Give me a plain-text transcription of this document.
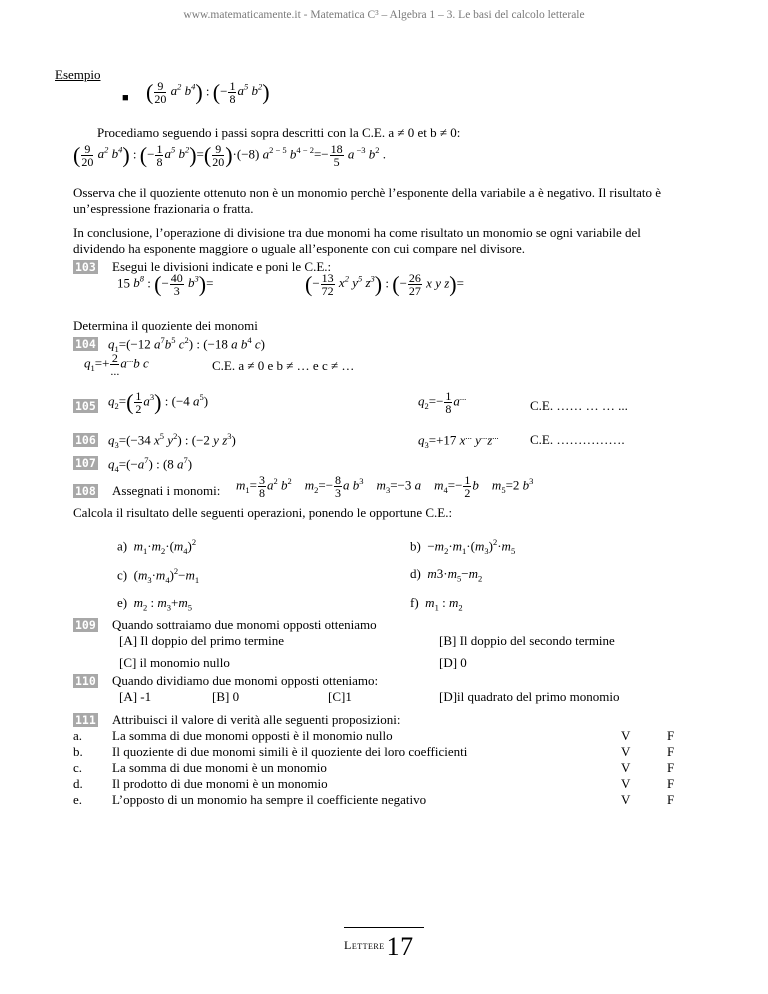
www.matematicamente.it - Matematica C³ – Algebra 1 – 3. Le basi del calcolo letterale
Esempio
■ ( $\frac{9}{20} a^2$ $b^4$) : (− $\frac{1}{8} a^5$ $b^2$)
Procediamo seguendo i passi sopra descritti con la C.E. a ≠ 0 et b ≠ 0:
( $\frac{9}{20} a^2$ $b^4$) : (− $\frac{1}{8} a^5$ $b^2)=( \frac{9}{20} )\cdot(-8)$ $a^{2 - 5}$ $b^{4 - 2}=- \frac{18}{5}$ a $^{-3}$ $b^2$ .
Osserva che il quoziente ottenuto non è un monomio perchè l’esponente della variabile a è negativo. Il risultato è un’espressione frazionaria o fratta.
In conclusione, l’operazione di divisione tra due monomi ha come risultato un monomio se ogni variabile del dividendo ha esponente maggiore o uguale all’esponente con cui compare nel divisore.
103 Esegui le divisioni indicate e poni le C.E.:
15 $b^8$ : (− $\frac{40}{3} b^3)=$	(− $\frac{13}{72} x^2$ $y^5$ $z^3$) : (− $\frac{26}{27}$ x y z)=
Determina il quoziente dei monomi
104 $q_1=(-12$ $a^7b^5$ $c^2$) : (−18 a $b^4$ c)
$q_1=+ \frac{2}{...} a^{...}b$ c	C.E. a ≠ 0 e b ≠ … e c ≠ …
105 $q_2=( \frac{1}{2} a^3)$ : (−4 $a^5$)	$q_2=- \frac{1}{8} a^{...}$
C.E. …… … … ...
106 $q_3=(-34$ $x^5$ $y^2$) : (−2 y $z^3$)	$q_3=+17$ x... y...z... C.E. …………….
107 $q_4=(-a^7)$ : (8 $a^7$)
108 Assegnati i monomi: $m_1= \frac{3}{8} a^2$ $b^2$ $m_2=- \frac{8}{3}$ a $b^3$ $m_3=-3$ a $m_4=- \frac{1}{2}$ b $m_5=2$ $b^3$
Calcola il risultato delle seguenti operazioni, ponendo le opportune C.E.:
a)  $m_1\cdot m_2\cdot(m_4)^2$	$b) -m_2\cdot m_1\cdot(m_3)^2\cdot m_5$
c)  $(m_3\cdot m_4)^2-m_1$	d)  $m3\cdot m_5-m_2$
e)  $m_2$ : $m_3+m_5$	f)  $m_1$ : $m_2$
109 Quando sottraiamo due monomi opposti otteniamo
[A] Il doppio del primo termine	[B] Il doppio del secondo termine
[C] il monomio nullo	[D] 0
110 Quando dividiamo due monomi opposti otteniamo:
[A] -1	[B] 0	[C]1	[D]il quadrato del primo monomio
111 Attribuisci il valore di verità alle seguenti proposizioni:
a. La somma di due monomi opposti è il monomio nullo	V	F
b. Il quoziente di due monomi simili è il quoziente dei loro coefficienti	V	F
c. La somma di due monomi è un monomio	V	F
d. Il prodotto di due monomi è un monomio	V	F
e. L’opposto di un monomio ha sempre il coefficiente negativo	V	F
Lettere17
